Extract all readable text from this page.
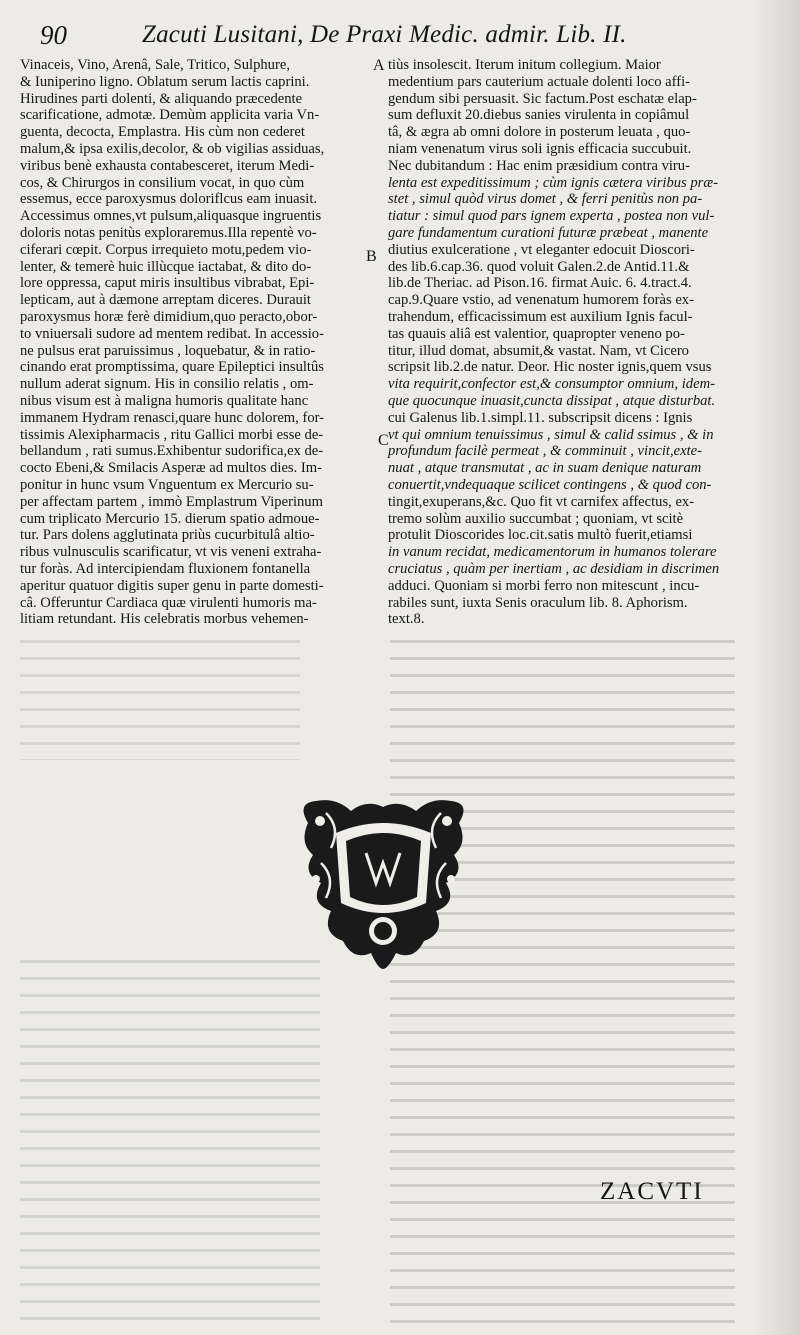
90	Zacuti Lusitani, De Praxi Medic. admir. Lib. II.
A
B
C
Vinaceis, Vino, Arenâ, Sale, Tritico, Sulphure,
& Iuniperino ligno. Oblatum serum lactis caprini.
Hirudines parti dolenti, & aliquando præcedente
scarificatione, admotæ. Demùm applicita varia Vn-
guenta, decocta, Emplastra. His cùm non cederet
malum,& ipsa exilis,decolor, & ob vigilias assiduas,
viribus benè exhausta contabesceret, iterum Medi-
cos, & Chirurgos in consilium vocat, in quo cùm
essemus, ecce paroxysmus doloriflcus eam inuasit.
Accessimus omnes,vt pulsum,aliquasque ingruentis
doloris notas penitùs exploraremus.Illa repentè vo-
ciferari cœpit. Corpus irrequieto motu,pedem vio-
lenter, & temerè huic illùcque iactabat, & dito do-
lore oppressa, caput miris insultibus vibrabat, Epi-
lepticam, aut à dæmone arreptam diceres. Durauit
paroxysmus horæ ferè dimidium,quo peracto,obor-
to vniuersali sudore ad mentem redibat. In accessio-
ne pulsus erat paruissimus , loquebatur, & in ratio-
cinando erat promptissima, quare Epileptici insultûs
nullum aderat signum. His in consilio relatis , om-
nibus visum est à maligna humoris qualitate hanc
immanem Hydram renasci,quare hunc dolorem, for-
tissimis Alexipharmacis , ritu Gallici morbi esse de-
bellandum , rati sumus.Exhibentur sudorifica,ex de-
cocto Ebeni,& Smilacis Asperæ ad multos dies. Im-
ponitur in hunc vsum Vnguentum ex Mercurio su-
per affectam partem , immò Emplastrum Viperinum
cum triplicato Mercurio 15. dierum spatio admoue-
tur. Pars dolens agglutinata priùs cucurbitulâ altio-
ribus vulnusculis scarificatur, vt vis veneni extraha-
tur foràs. Ad intercipiendam fluxionem fontanella
aperitur quatuor digitis super genu in parte domesti-
câ. Offeruntur Cardiaca quæ virulenti humoris ma-
litiam retundant. His celebratis morbus vehemen-
tiùs insolescit. Iterum initum collegium. Maior
medentium pars cauterium actuale dolenti loco affi-
gendum sibi persuasit. Sic factum.Post eschatæ elap-
sum defluxit 20.diebus sanies virulenta in copiâmul
tâ, & ægra ab omni dolore in posterum leuata , quo-
niam venenatum virus soli ignis efficacia succubuit.
Nec dubitandum : Hac enim præsidium contra viru-
lenta est expeditissimum ; cùm ignis cætera viribus præ-
stet , simul quòd virus domet , & ferri penitùs non pa-
tiatur : simul quod pars ignem experta , postea non vul-
gare fundamentum curationi futuræ præbeat , manente
diutius exulceratione , vt eleganter edocuit Dioscori-
des lib.6.cap.36. quod voluit Galen.2.de Antid.11.&
lib.de Theriac. ad Pison.16. firmat Auic. 6. 4.tract.4.
cap.9.Quare vstio, ad venenatum humorem foràs ex-
trahendum, efficacissimum est auxilium Ignis facul-
tas quauis aliâ est valentior, quapropter veneno po-
titur, illud domat, absumit,& vastat. Nam, vt Cicero
scripsit lib.2.de natur. Deor. Hic noster ignis,quem vsus
vita requirit,confector est,& consumptor omnium, idem-
que quocunque inuasit,cuncta dissipat , atque disturbat.
cui Galenus lib.1.simpl.11. subscripsit dicens : Ignis
vt qui omnium tenuissimus , simul & calid ssimus , & in
profundum facilè permeat , & comminuit , vincit,exte-
nuat , atque transmutat , ac in suam denique naturam
conuertit,vndequaque scilicet contingens , & quod con-
tingit,exuperans,&c. Quo fit vt carnifex affectus, ex-
tremo solùm auxilio succumbat ; quoniam, vt scitè
protulit Dioscorides loc.cit.satis multò fuerit,etiamsi
in vanum recidat, medicamentorum in humanos tolerare
cruciatus , quàm per inertiam , ac desidiam in discrimen
adduci. Quoniam si morbi ferro non mitescunt , incu-
rabiles sunt, iuxta Senis oraculum lib. 8. Aphorism.
text.8.
ZACVTI
